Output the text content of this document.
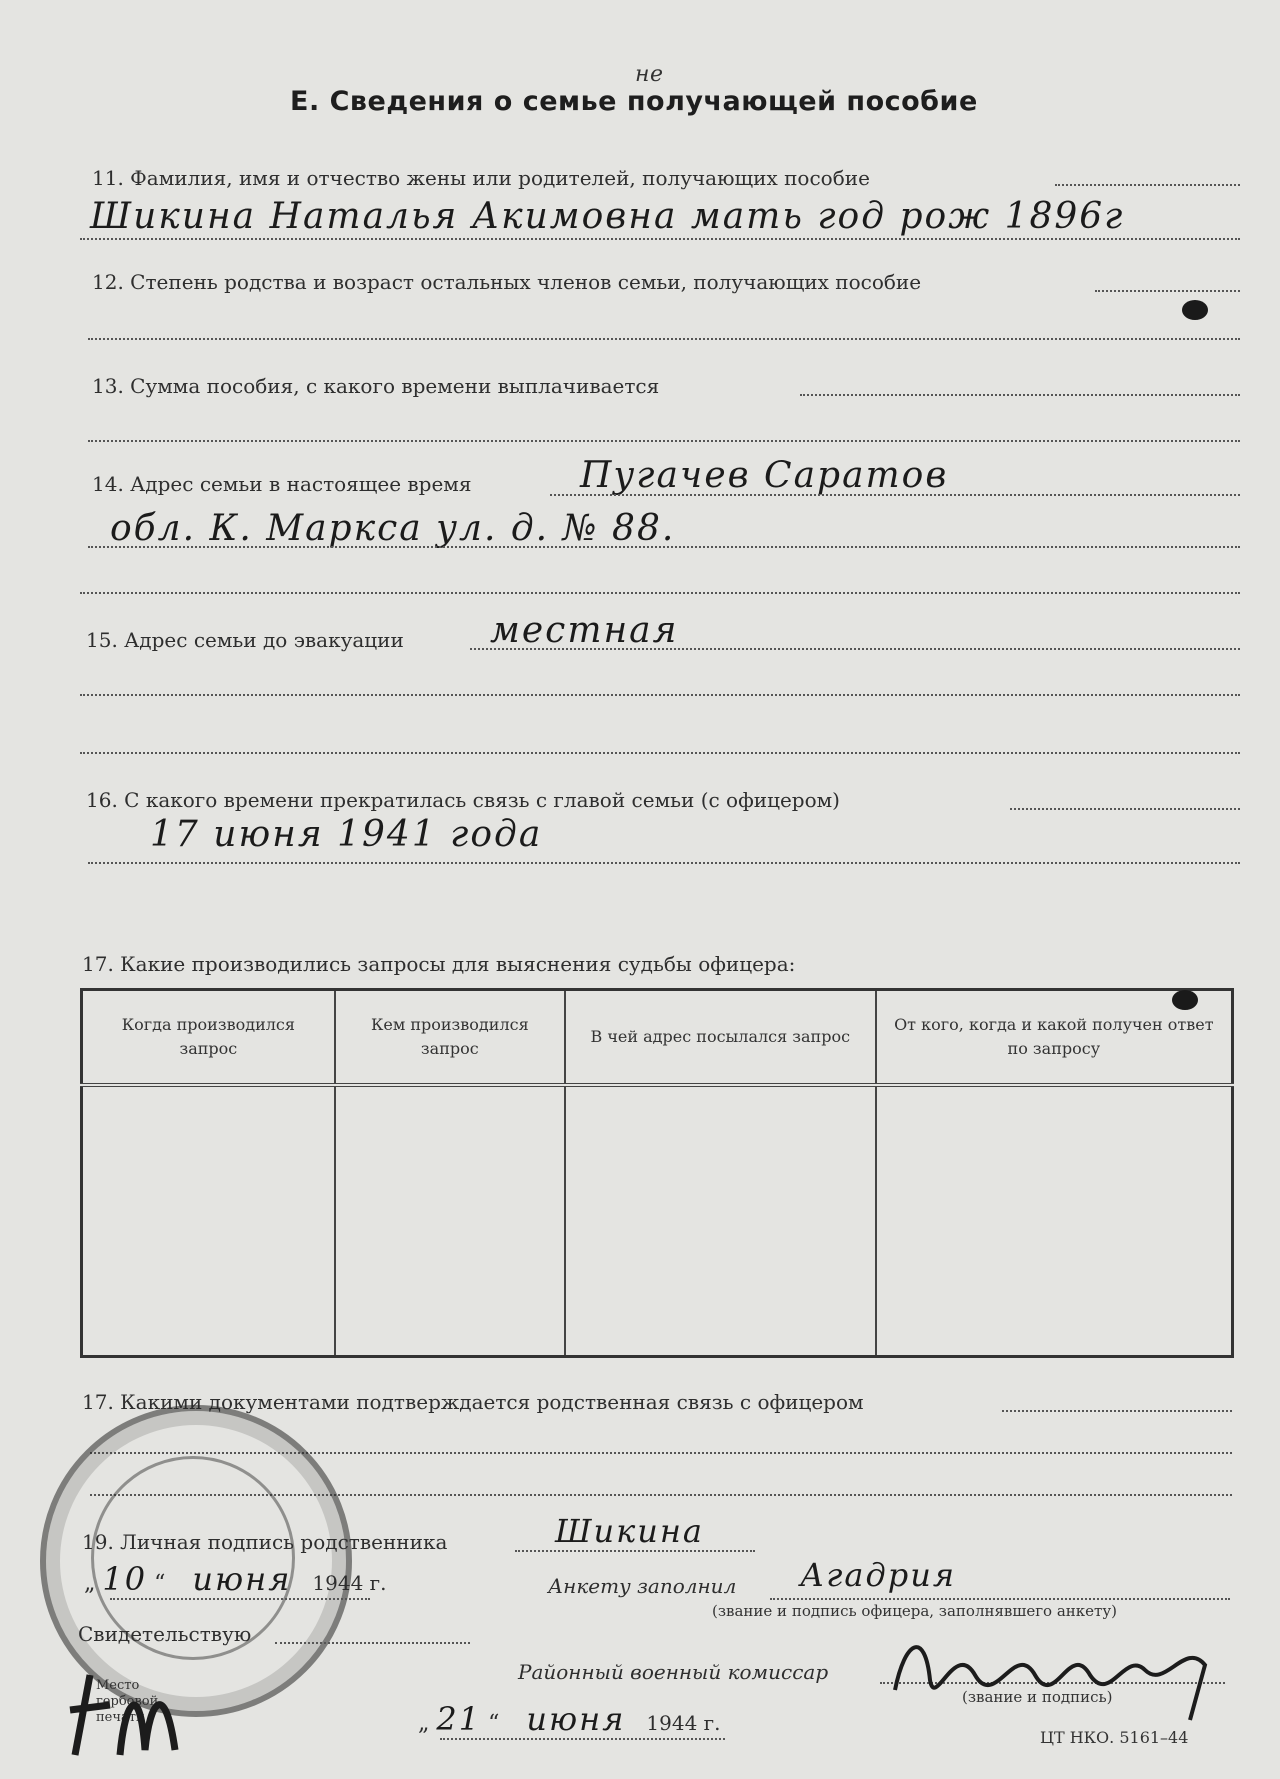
Е. Сведения о семье получающей пособие
не
11. Фамилия, имя и отчество жены или родителей, получающих пособие
Шикина Наталья Акимовна мать год рож 1896г
12. Степень родства и возраст остальных членов семьи, получающих пособие
13. Сумма пособия, с какого времени выплачивается
14. Адрес семьи в настоящее время	Пугачев Саратов
обл. К. Маркса ул. д. № 88.
15. Адрес семьи до эвакуации местная
16. С какого времени прекратилась связь с главой семьи (с офицером)
17 июня 1941 года
17. Какие производились запросы для выяснения судьбы офицера:
Когда производился запрос	Кем производился запрос	В чей адрес посылался запрос	От кого, когда и какой получен ответ по запросу

17. Какими документами подтверждается родственная связь с офицером
19. Личная подпись родственника	Шикина
„ 10 “ июня 1944 г.	Анкету заполнил Агадрия
(звание и подпись офицера, заполнявшего анкету)
Свидетельствую
Место гербовой печати
Районный военный комиссар
(звание и подпись)
„ 21 “ июня 1944 г.
ЦТ НКО. 5161–44
